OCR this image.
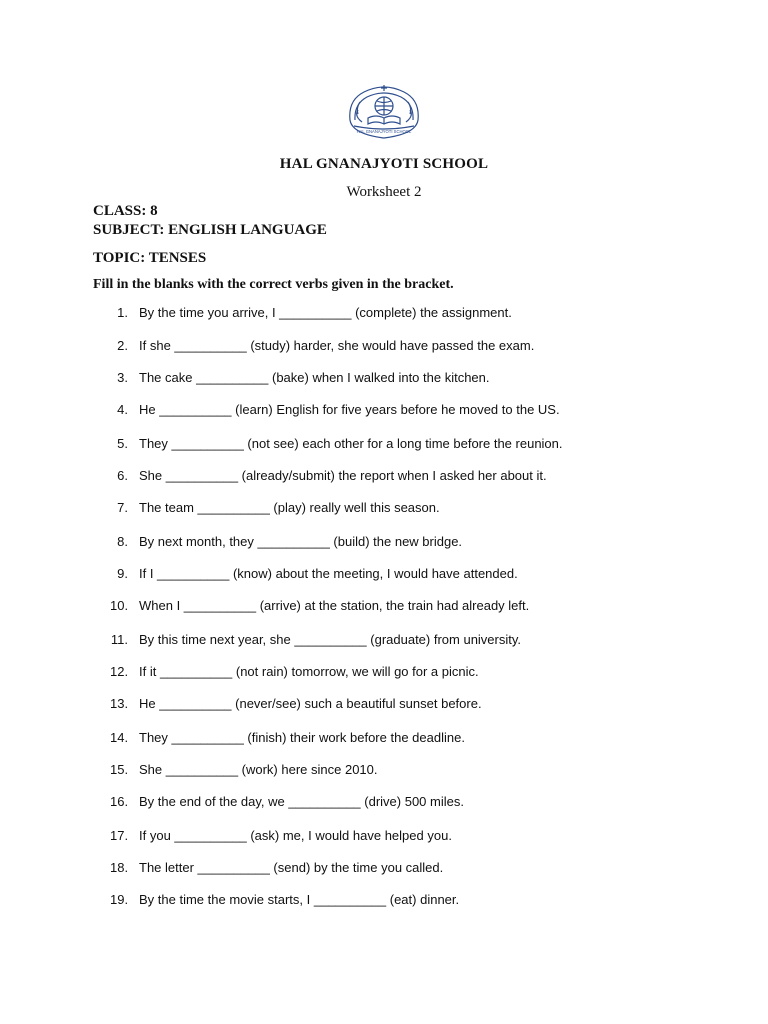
HAL GNANAJYOTI SCHOOL
HAL GNANAJYOTI SCHOOL
Worksheet 2
CLASS: 8
SUBJECT: ENGLISH LANGUAGE
TOPIC: TENSES
Fill in the blanks with the correct verbs given in the bracket.
1. By the time you arrive, I __________ (complete) the assignment.
2. If she __________ (study) harder, she would have passed the exam.
3. The cake __________ (bake) when I walked into the kitchen.
4. He __________ (learn) English for five years before he moved to the US.
5. They __________ (not see) each other for a long time before the reunion.
6. She __________ (already/submit) the report when I asked her about it.
7. The team __________ (play) really well this season.
8. By next month, they __________ (build) the new bridge.
9. If I __________ (know) about the meeting, I would have attended.
10. When I __________ (arrive) at the station, the train had already left.
11. By this time next year, she __________ (graduate) from university.
12. If it __________ (not rain) tomorrow, we will go for a picnic.
13. He __________ (never/see) such a beautiful sunset before.
14. They __________ (finish) their work before the deadline.
15. She __________ (work) here since 2010.
16. By the end of the day, we __________ (drive) 500 miles.
17. If you __________ (ask) me, I would have helped you.
18. The letter __________ (send) by the time you called.
19. By the time the movie starts, I __________ (eat) dinner.
